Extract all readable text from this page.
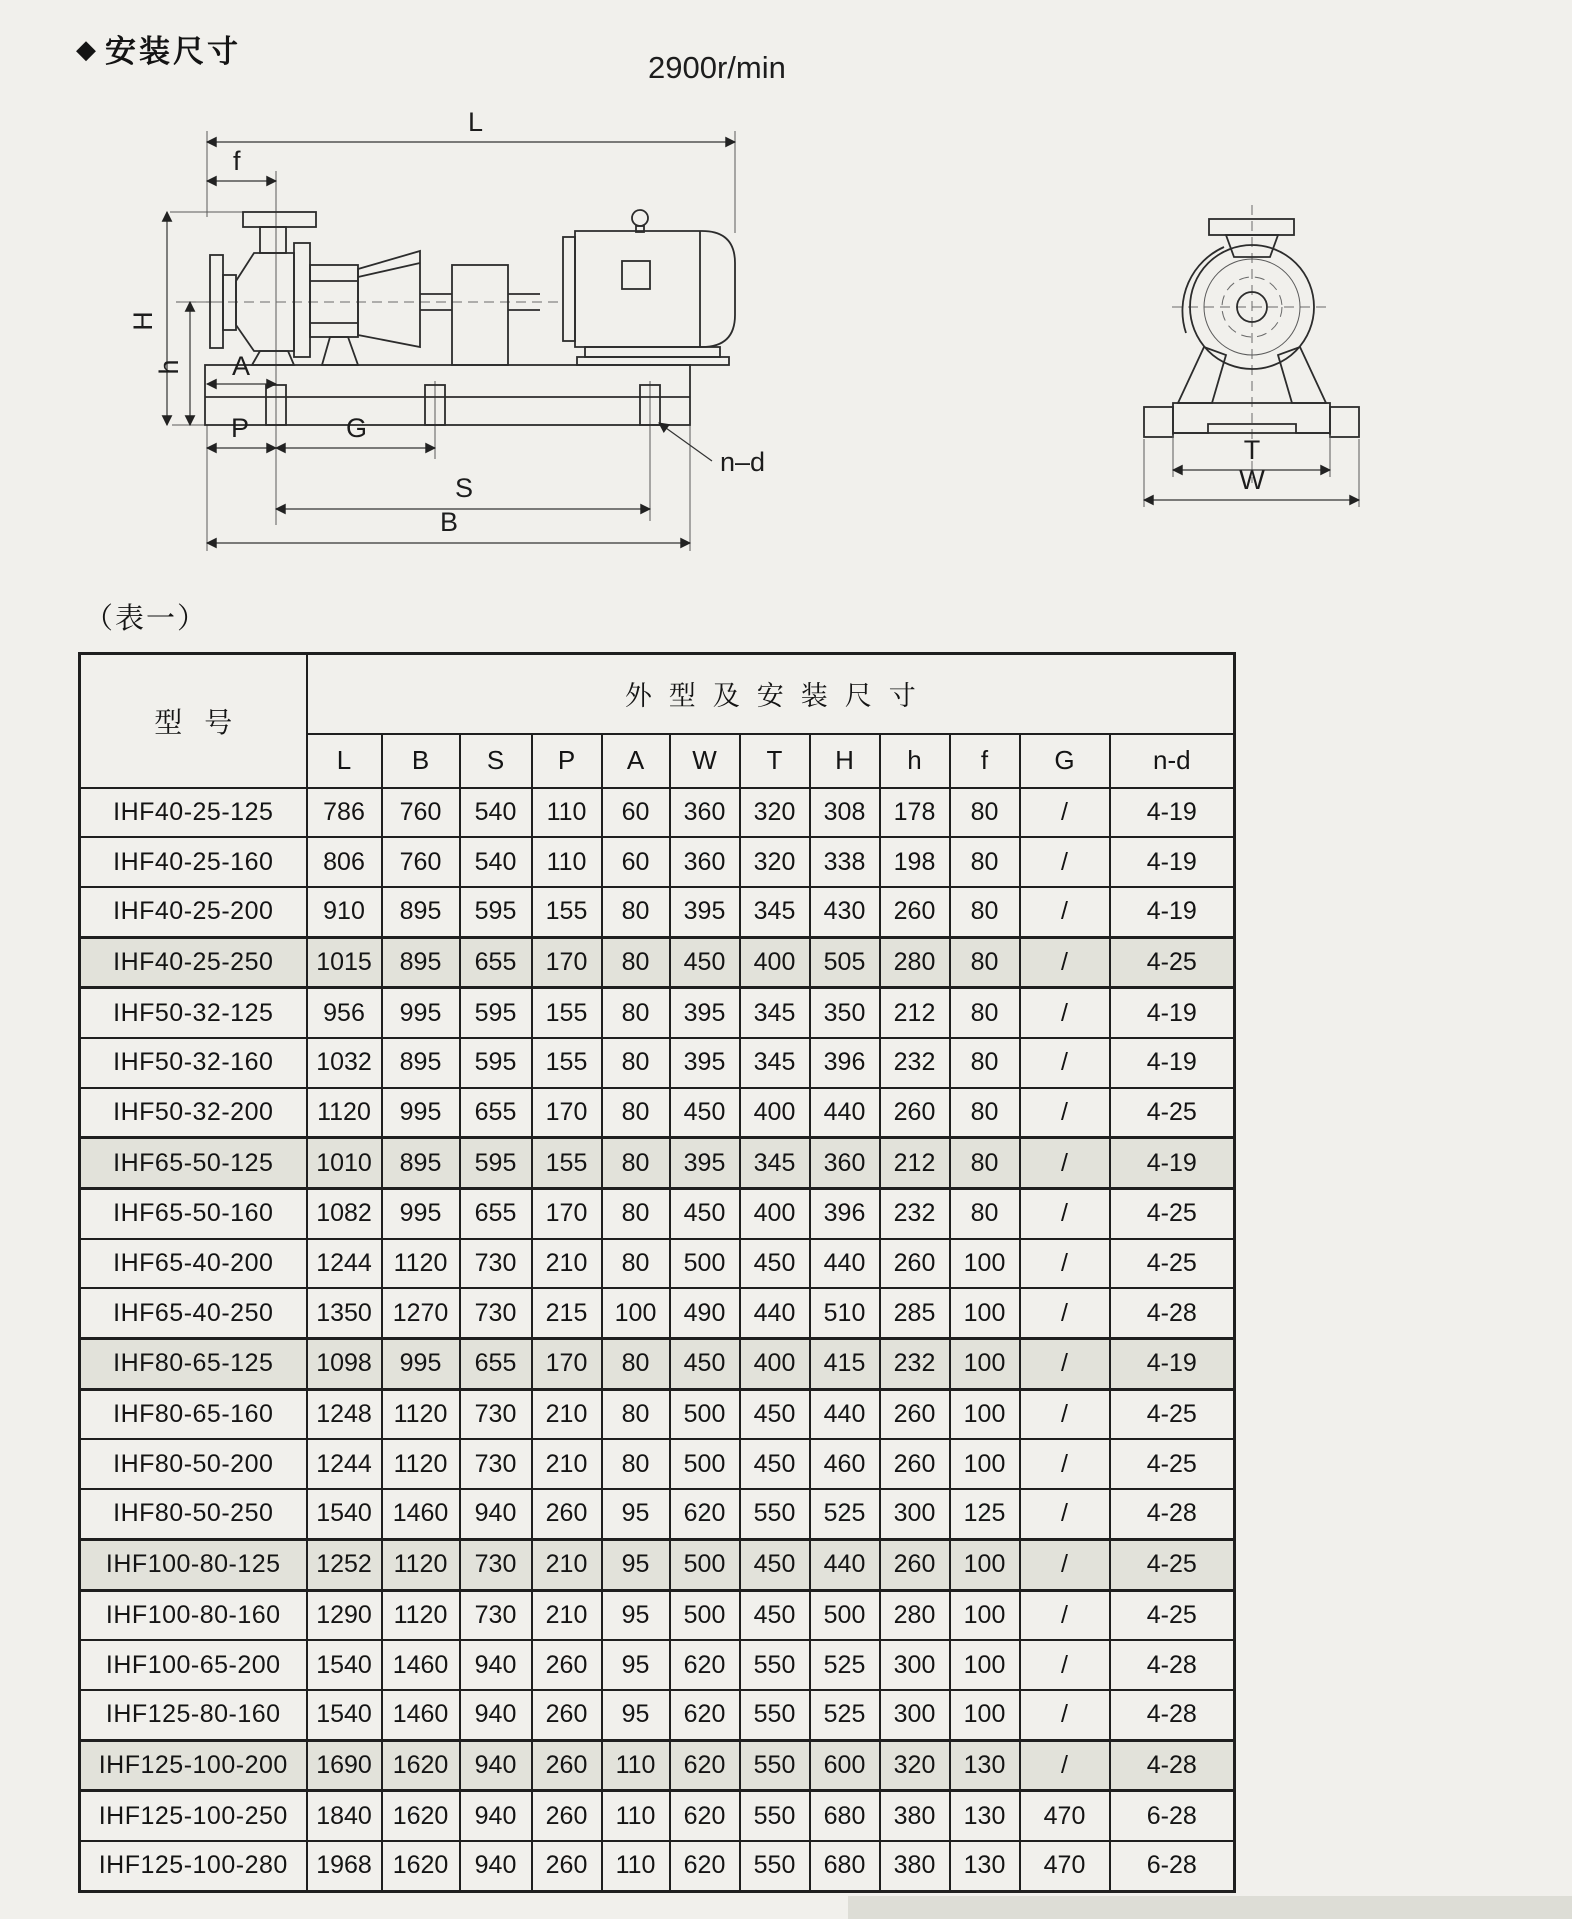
◆ 安装尺寸	2900r/min
L
f
H
h A
P	G
S
B
n–d	T
W
（表一）
型号	外型及安装尺寸											
	L	B	S	P	A	W	T	H	h	f	G	n-d
IHF40-25-125	786	760	540	110	60	360	320	308	178	80	/	4-19
IHF40-25-160	806	760	540	110	60	360	320	338	198	80	/	4-19
IHF40-25-200	910	895	595	155	80	395	345	430	260	80	/	4-19
IHF40-25-250	1015	895	655	170	80	450	400	505	280	80	/	4-25
IHF50-32-125	956	995	595	155	80	395	345	350	212	80	/	4-19
IHF50-32-160	1032	895	595	155	80	395	345	396	232	80	/	4-19
IHF50-32-200	1120	995	655	170	80	450	400	440	260	80	/	4-25
IHF65-50-125	1010	895	595	155	80	395	345	360	212	80	/	4-19
IHF65-50-160	1082	995	655	170	80	450	400	396	232	80	/	4-25
IHF65-40-200	1244	1120	730	210	80	500	450	440	260	100	/	4-25
IHF65-40-250	1350	1270	730	215	100	490	440	510	285	100	/	4-28
IHF80-65-125	1098	995	655	170	80	450	400	415	232	100	/	4-19
IHF80-65-160	1248	1120	730	210	80	500	450	440	260	100	/	4-25
IHF80-50-200	1244	1120	730	210	80	500	450	460	260	100	/	4-25
IHF80-50-250	1540	1460	940	260	95	620	550	525	300	125	/	4-28
IHF100-80-125	1252	1120	730	210	95	500	450	440	260	100	/	4-25
IHF100-80-160	1290	1120	730	210	95	500	450	500	280	100	/	4-25
IHF100-65-200	1540	1460	940	260	95	620	550	525	300	100	/	4-28
IHF125-80-160	1540	1460	940	260	95	620	550	525	300	100	/	4-28
IHF125-100-200	1690	1620	940	260	110	620	550	600	320	130	/	4-28
IHF125-100-250	1840	1620	940	260	110	620	550	680	380	130	470	6-28
IHF125-100-280	1968	1620	940	260	110	620	550	680	380	130	470	6-28
